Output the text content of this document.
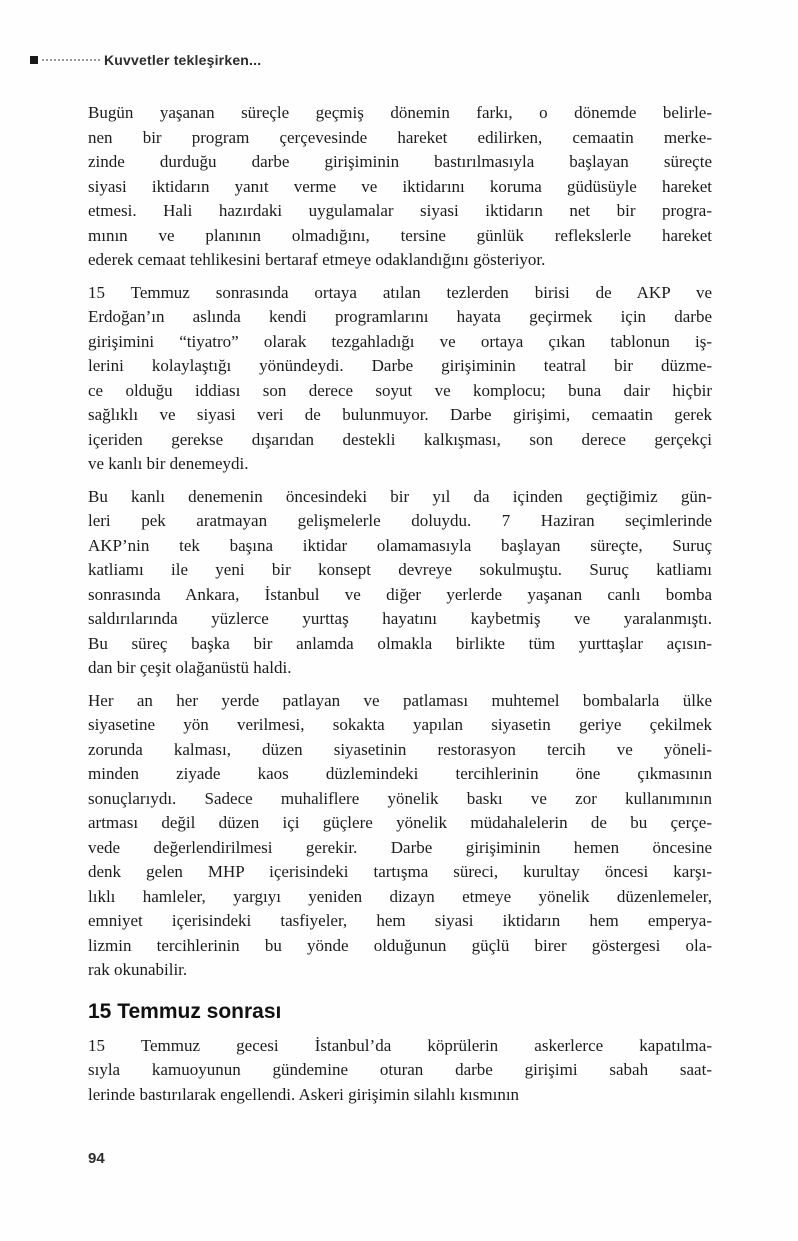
Kuvvetler tekleşirken...
Bugün yaşanan süreçle geçmiş dönemin farkı, o dönemde belirle-
nen bir program çerçevesinde hareket edilirken, cemaatin merke-
zinde durduğu darbe girişiminin bastırılmasıyla başlayan süreçte
siyasi iktidarın yanıt verme ve iktidarını koruma güdüsüyle hareket
etmesi. Hali hazırdaki uygulamalar siyasi iktidarın net bir progra-
mının ve planının olmadığını, tersine günlük reflekslerle hareket
ederek cemaat tehlikesini bertaraf etmeye odaklandığını gösteriyor.
15 Temmuz sonrasında ortaya atılan tezlerden birisi de AKP ve
Erdoğan’ın aslında kendi programlarını hayata geçirmek için darbe
girişimini “tiyatro” olarak tezgahladığı ve ortaya çıkan tablonun iş-
lerini kolaylaştığı yönündeydi. Darbe girişiminin teatral bir düzme-
ce olduğu iddiası son derece soyut ve komplocu; buna dair hiçbir
sağlıklı ve siyasi veri de bulunmuyor. Darbe girişimi, cemaatin gerek
içeriden gerekse dışarıdan destekli kalkışması, son derece gerçekçi
ve kanlı bir denemeydi.
Bu kanlı denemenin öncesindeki bir yıl da içinden geçtiğimiz gün-
leri pek aratmayan gelişmelerle doluydu. 7 Haziran seçimlerinde
AKP’nin tek başına iktidar olamamasıyla başlayan süreçte, Suruç
katliamı ile yeni bir konsept devreye sokulmuştu. Suruç katliamı
sonrasında Ankara, İstanbul ve diğer yerlerde yaşanan canlı bomba
saldırılarında yüzlerce yurttaş hayatını kaybetmiş ve yaralanmıştı.
Bu süreç başka bir anlamda olmakla birlikte tüm yurttaşlar açısın-
dan bir çeşit olağanüstü haldi.
Her an her yerde patlayan ve patlaması muhtemel bombalarla ülke
siyasetine yön verilmesi, sokakta yapılan siyasetin geriye çekilmek
zorunda kalması, düzen siyasetinin restorasyon tercih ve yöneli-
minden ziyade kaos düzlemindeki tercihlerinin öne çıkmasının
sonuçlarıydı. Sadece muhaliflere yönelik baskı ve zor kullanımının
artması değil düzen içi güçlere yönelik müdahalelerin de bu çerçe-
vede değerlendirilmesi gerekir. Darbe girişiminin hemen öncesine
denk gelen MHP içerisindeki tartışma süreci, kurultay öncesi karşı-
lıklı hamleler, yargıyı yeniden dizayn etmeye yönelik düzenlemeler,
emniyet içerisindeki tasfiyeler, hem siyasi iktidarın hem emperya-
lizmin tercihlerinin bu yönde olduğunun güçlü birer göstergesi ola-
rak okunabilir.
15 Temmuz sonrası
15 Temmuz gecesi İstanbul’da köprülerin askerlerce kapatılma-
sıyla kamuoyunun gündemine oturan darbe girişimi sabah saat-
lerinde bastırılarak engellendi. Askeri girişimin silahlı kısmının
94
